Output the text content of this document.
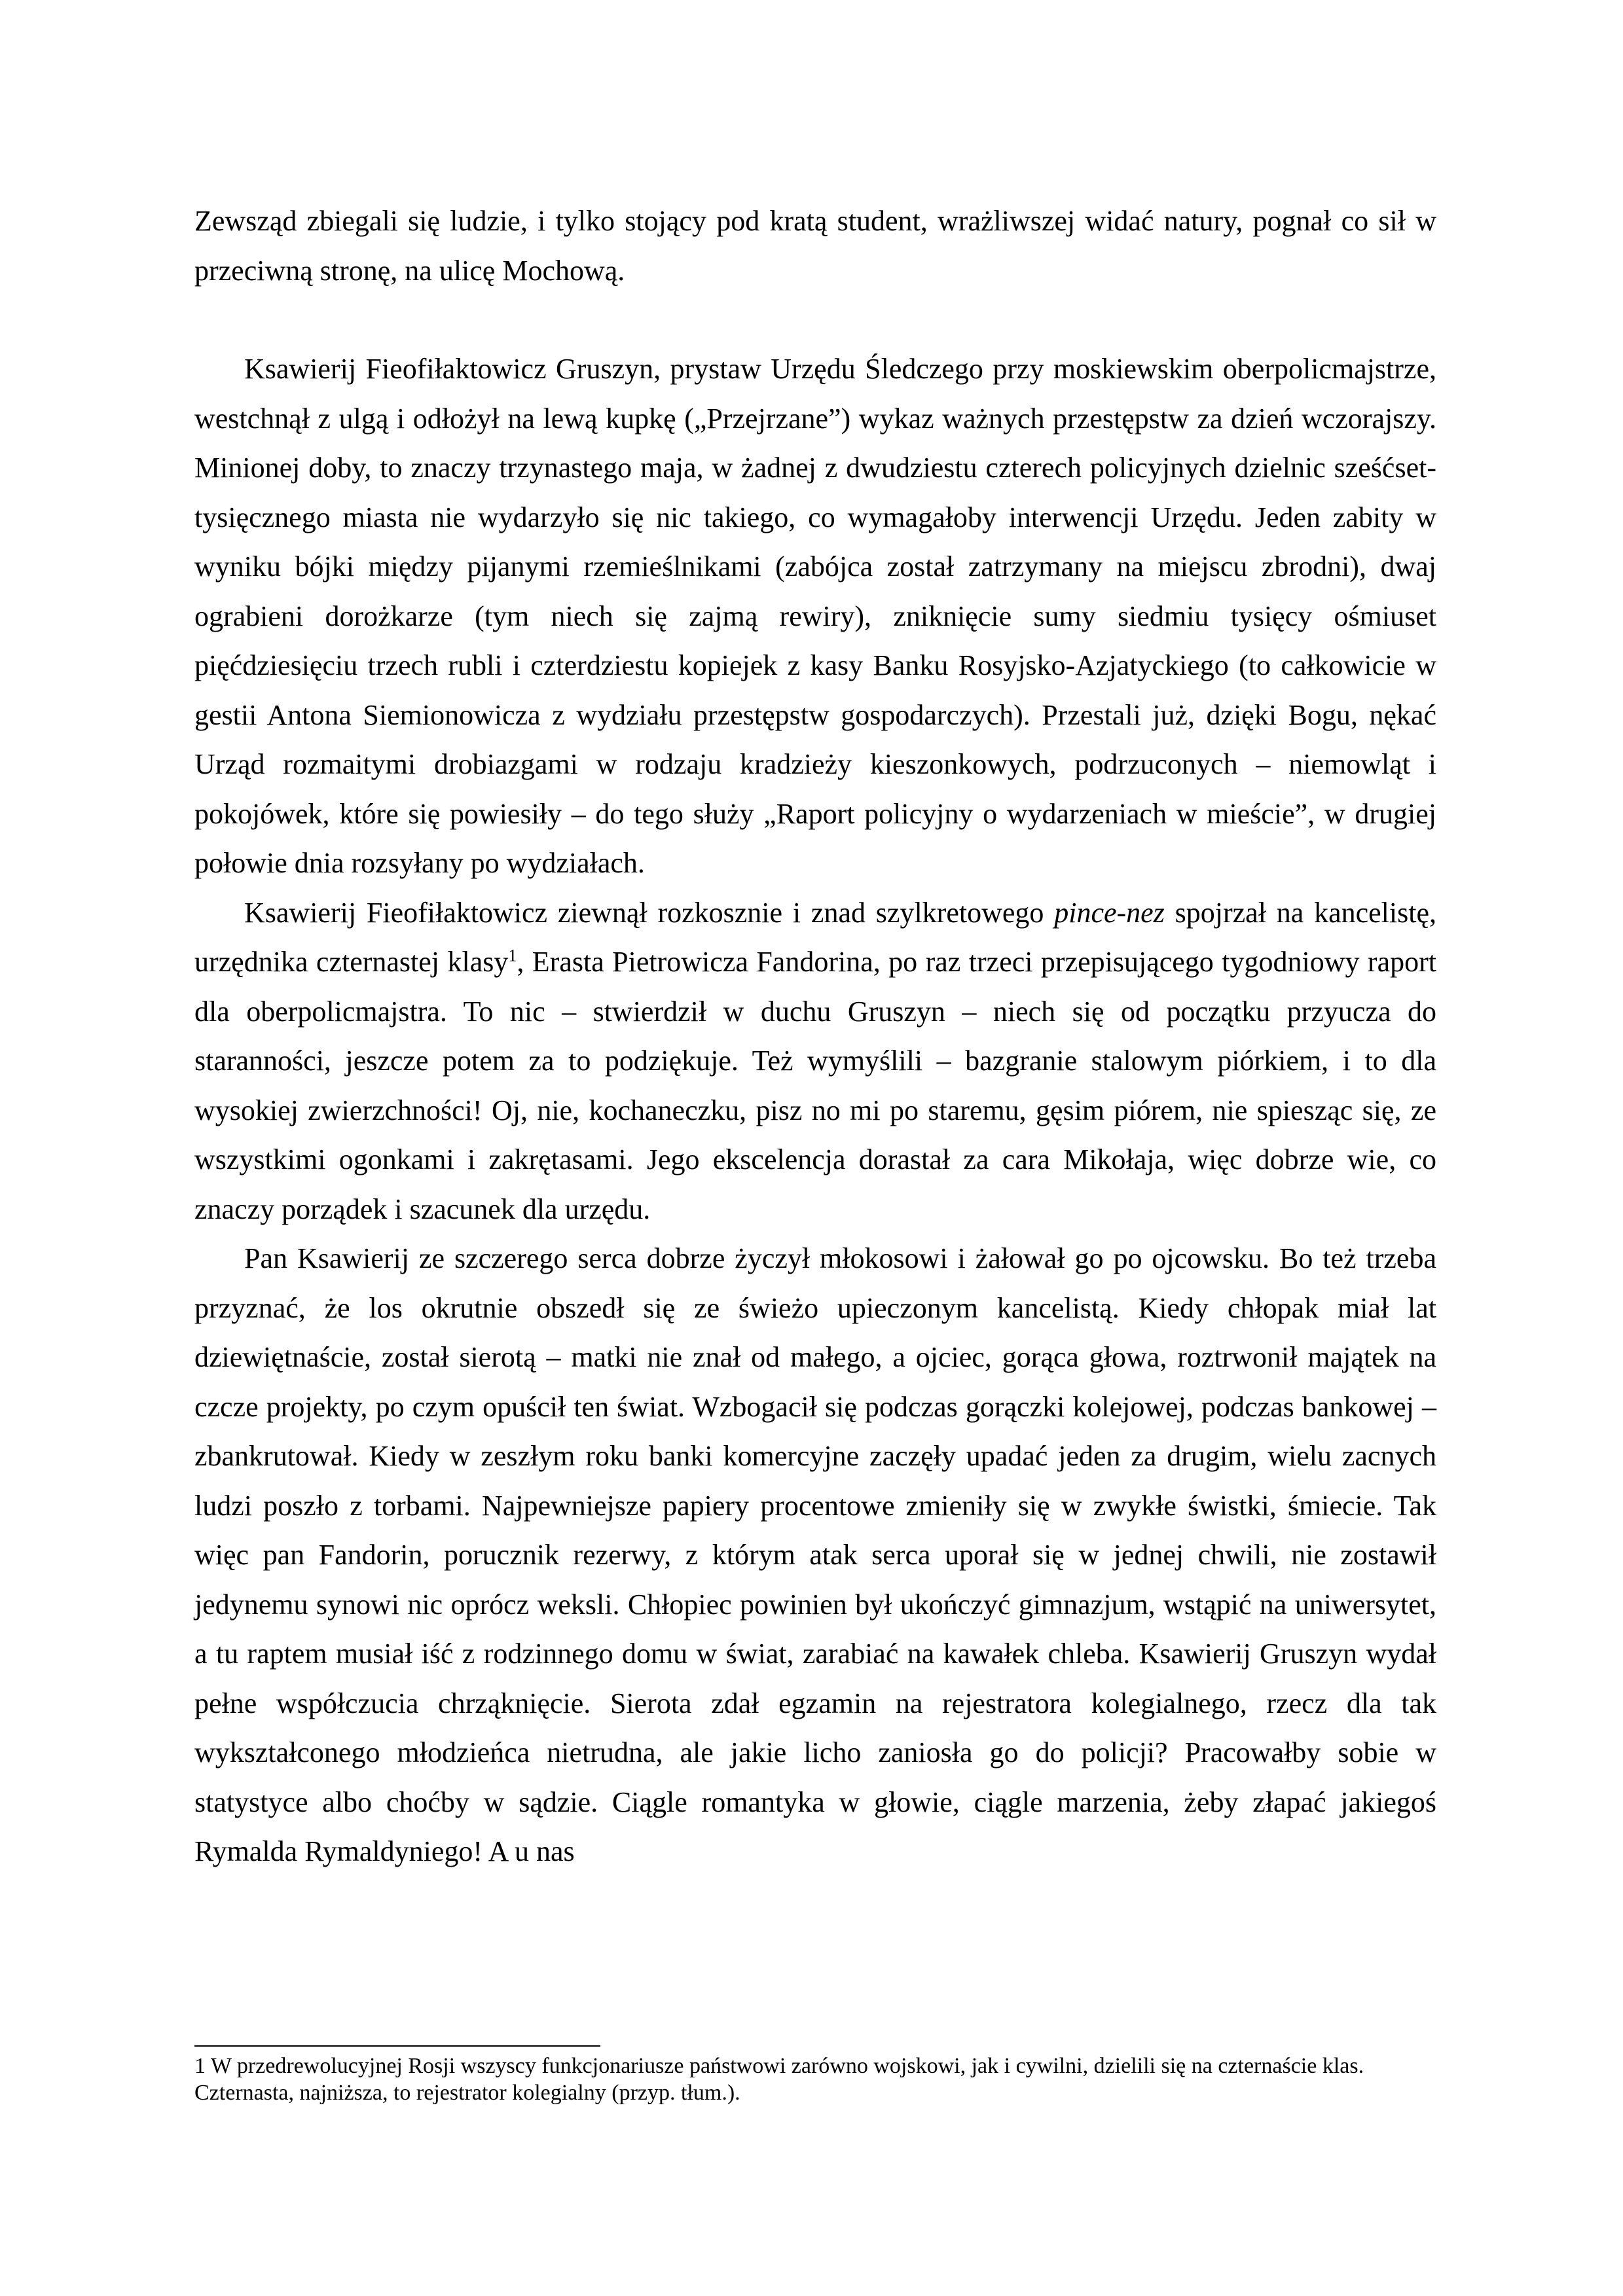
Zewsząd zbiegali się ludzie, i tylko stojący pod kratą student, wrażliwszej widać natury, pognał co sił w przeciwną stronę, na ulicę Mochową.

Ksawierij Fieofiłaktowicz Gruszyn, prystaw Urzędu Śledczego przy moskiewskim oberpolicmajstrze, westchnął z ulgą i odłożył na lewą kupkę („Przejrzane”) wykaz ważnych przestępstw za dzień wczorajszy. Minionej doby, to znaczy trzynastego maja, w żadnej z dwudziestu czterech policyjnych dzielnic sześćset-tysięcznego miasta nie wydarzyło się nic takiego, co wymagałoby interwencji Urzędu. Jeden zabity w wyniku bójki między pijanymi rzemieślnikami (zabójca został zatrzymany na miejscu zbrodni), dwaj ograbieni dorożkarze (tym niech się zajmą rewiry), zniknięcie sumy siedmiu tysięcy ośmiuset pięćdziesięciu trzech rubli i czterdziestu kopiejek z kasy Banku Rosyjsko-Azjatyckiego (to całkowicie w gestii Antona Siemionowicza z wydziału przestępstw gospodarczych). Przestali już, dzięki Bogu, nękać Urząd rozmaitymi drobiazgami w rodzaju kradzieży kieszonkowych, podrzuconych – niemowląt i pokojówek, które się powiesiły – do tego służy „Raport policyjny o wydarzeniach w mieście”, w drugiej połowie dnia rozsyłany po wydziałach.

Ksawierij Fieofiłaktowicz ziewnął rozkosznie i znad szylkretowego pince-nez spojrzał na kancelistę, urzędnika czternastej klasy$^1$, Erasta Pietrowicza Fandorina, po raz trzeci przepisującego tygodniowy raport dla oberpolicmajstra. To nic – stwierdził w duchu Gruszyn – niech się od początku przyucza do staranności, jeszcze potem za to podziękuje. Też wymyślili – bazgranie stalowym piórkiem, i to dla wysokiej zwierzchności! Oj, nie, kochaneczku, pisz no mi po staremu, gęsim piórem, nie spiesząc się, ze wszystkimi ogonkami i zakrętasami. Jego ekscelencja dorastał za cara Mikołaja, więc dobrze wie, co znaczy porządek i szacunek dla urzędu.

Pan Ksawierij ze szczerego serca dobrze życzył młokosowi i żałował go po ojcowsku. Bo też trzeba przyznać, że los okrutnie obszedł się ze świeżo upieczonym kancelistą. Kiedy chłopak miał lat dziewiętnaście, został sierotą – matki nie znał od małego, a ojciec, gorąca głowa, roztrwonił majątek na czcze projekty, po czym opuścił ten świat. Wzbogacił się podczas gorączki kolejowej, podczas bankowej – zbankrutował. Kiedy w zeszłym roku banki komercyjne zaczęły upadać jeden za drugim, wielu zacnych ludzi poszło z torbami. Najpewniejsze papiery procentowe zmieniły się w zwykłe świstki, śmiecie. Tak więc pan Fandorin, porucznik rezerwy, z którym atak serca uporał się w jednej chwili, nie zostawił jedynemu synowi nic oprócz weksli. Chłopiec powinien był ukończyć gimnazjum, wstąpić na uniwersytet, a tu raptem musiał iść z rodzinnego domu w świat, zarabiać na kawałek chleba. Ksawierij Gruszyn wydał pełne współczucia chrząknięcie. Sierota zdał egzamin na rejestratora kolegialnego, rzecz dla tak wykształconego młodzieńca nietrudna, ale jakie licho zaniosła go do policji? Pracowałby sobie w statystyce albo choćby w sądzie. Ciągle romantyka w głowie, ciągle marzenia, żeby złapać jakiegoś Rymalda Rymaldyniego! A u nas

1 W przedrewolucyjnej Rosji wszyscy funkcjonariusze państwowi zarówno wojskowi, jak i cywilni, dzielili się na czternaście klas. Czternasta, najniższa, to rejestrator kolegialny (przyp. tłum.).
